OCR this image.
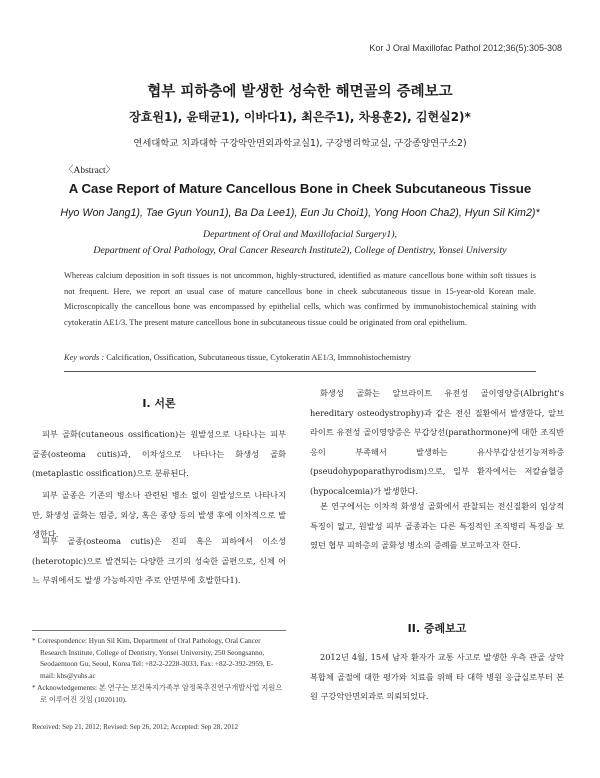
Kor J Oral Maxillofac Pathol 2012;36(5):305-308
협부 피하층에 발생한 성숙한 해면골의 증례보고
장효원1), 윤태균1), 이바다1), 최은주1), 차용훈2), 김현실2)*
연세대학교 치과대학 구강악안면외과학교실1), 구강병리학교실, 구강종양연구소2)
〈Abstract〉
A Case Report of Mature Cancellous Bone in Cheek Subcutaneous Tissue
Hyo Won Jang1), Tae Gyun Youn1), Ba Da Lee1), Eun Ju Choi1), Yong Hoon Cha2), Hyun Sil Kim2)*
Department of Oral and Maxillofacial Surgery1),
Department of Oral Pathology, Oral Cancer Research Institute2), College of Dentistry, Yonsei University
Whereas calcium deposition in soft tissues is not uncommon, highly-structured, identified as mature cancellous bone within soft tissues is not frequent. Here, we report an usual case of mature cancellous bone in cheek subcutaneous tissue in 15-year-old Korean male. Microscopically the cancellous bone was encompassed by epithelial cells, which was confirmed by immunohistochemical staining with cytokeratin AE1/3. The present mature cancellous bone in subcutaneous tissue could be originated from oral epithelium.
Key words : Calcification, Ossification, Subcutaneous tissue, Cytokeratin AE1/3, Immnohistochemistry
I. 서론
피부 골화(cutaneous ossification)는 원발성으로 나타나는 피부 골종(osteoma cutis)과, 이차성으로 나타나는 화생성 골화(metaplastic ossification)으로 분류된다.
피부 골종은 기존의 병소나 관련된 병소 없이 원발성으로 나타나지만, 화생성 골화는 염증, 외상, 혹은 종양 등의 발생 후에 이차적으로 발생한다.
피부 골종(osteoma cutis)은 진피 혹은 피하에서 이소성(heterotopic)으로 발견되는 다양한 크기의 성숙한 골편으로, 신체 어느 부위에서도 발생 가능하지만 주로 안면부에 호발한다1).
화생성 골화는 알브라이트 유전성 골이영양증(Albright's hereditary osteodystrophy)과 같은 전신 질환에서 발생한다, 알브라이트 유전성 골이영양증은 부갑상선(parathormone)에 대한 조직반응이 부족해서 발생하는 유사부갑상선기능저하증(pseudohypoparathyrodism)으로, 일부 환자에서는 저칼슘혈증(hypocalcemia)가 발생한다.
본 연구에서는 이차적 화생성 골화에서 관찰되는 전신질환의 임상적 특징이 없고, 원발성 피부 골종과는 다른 특징적인 조직병리 특징을 보였던 협부 피하층의 골화성 병소의 증례를 보고하고자 한다.
II. 증례보고
2012년 4월, 15세 남자 환자가 교통 사고로 발생한 우측 관골 상악 복합체 골절에 대한 평가와 치료를 위해 타 대학 병원 응급실로부터 본원 구강악안면외과로 의뢰되었다.
* Correspondence: Hyun Sil Kim, Department of Oral Pathology, Oral Cancer Research Institute, College of Dentistry, Yonsei University, 250 Seongsanno, Seodaemoon Gu, Seoul, Korea Tel: +82-2-2228-3033, Fax: +82-2-392-2959, E-mail: khs@yuhs.ac
* Acknowledgements: 본 연구는 보건복지가족부 암정복추진연구개발사업 지원으로 이루어진 것임 (1020110).
Received: Sep 21, 2012; Revised: Sep 26, 2012; Accepted: Sep 28, 2012
